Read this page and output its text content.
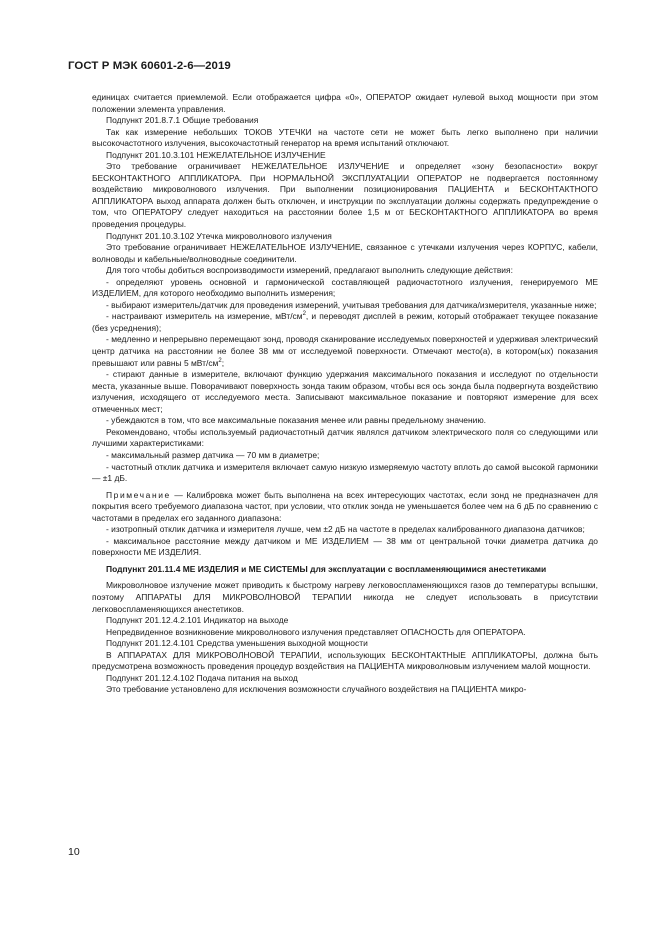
ГОСТ Р МЭК 60601-2-6—2019

единицах считается приемлемой. Если отображается цифра «0», ОПЕРАТОР ожидает нулевой выход мощности при этом положении элемента управления.

Подпункт 201.8.7.1 Общие требования

Так как измерение небольших ТОКОВ УТЕЧКИ на частоте сети не может быть легко выполнено при наличии высокочастотного излучения, высокочастотный генератор на время испытаний отключают.

Подпункт 201.10.3.101 НЕЖЕЛАТЕЛЬНОЕ ИЗЛУЧЕНИЕ

Это требование ограничивает НЕЖЕЛАТЕЛЬНОЕ ИЗЛУЧЕНИЕ и определяет «зону безопасности» вокруг БЕСКОНТАКТНОГО АППЛИКАТОРА. При НОРМАЛЬНОЙ ЭКСПЛУАТАЦИИ ОПЕРАТОР не подвергается постоянному воздействию микроволнового излучения. При выполнении позиционирования ПАЦИЕНТА и БЕСКОНТАКТНОГО АППЛИКАТОРА выход аппарата должен быть отключен, и инструкции по эксплуатации должны содержать предупреждение о том, что ОПЕРАТОРУ следует находиться на расстоянии более 1,5 м от БЕСКОНТАКТНОГО АППЛИКАТОРА во время проведения процедуры.

Подпункт 201.10.3.102 Утечка микроволнового излучения

Это требование ограничивает НЕЖЕЛАТЕЛЬНОЕ ИЗЛУЧЕНИЕ, связанное с утечками излучения через КОРПУС, кабели, волноводы и кабельные/волноводные соединители.

Для того чтобы добиться воспроизводимости измерений, предлагают выполнить следующие действия:

- определяют уровень основной и гармонической составляющей радиочастотного излучения, генерируемого МЕ ИЗДЕЛИЕМ, для которого необходимо выполнить измерения;

- выбирают измеритель/датчик для проведения измерений, учитывая требования для датчика/измерителя, указанные ниже;

- настраивают измеритель на измерение, мВт/$см^2$, и переводят дисплей в режим, который отображает текущее показание (без усреднения);

- медленно и непрерывно перемещают зонд, проводя сканирование исследуемых поверхностей и удерживая электрический центр датчика на расстоянии не более 38 мм от исследуемой поверхности. Отмечают место(а), в котором(ых) показания превышают или равны 5 мВт/$см^2$;

- стирают данные в измерителе, включают функцию удержания максимального показания и исследуют по отдельности места, указанные выше. Поворачивают поверхность зонда таким образом, чтобы вся ось зонда была подвергнута воздействию излучения, исходящего от исследуемого места. Записывают максимальное показание и повторяют измерение для всех отмеченных мест;

- убеждаются в том, что все максимальные показания менее или равны предельному значению.

Рекомендовано, чтобы используемый радиочастотный датчик являлся датчиком электрического поля со следующими или лучшими характеристиками:

- максимальный размер датчика — 70 мм в диаметре;

- частотный отклик датчика и измерителя включает самую низкую измеряемую частоту вплоть до самой высокой гармоники — ±1 дБ.

Примечание — Калибровка может быть выполнена на всех интересующих частотах, если зонд не предназначен для покрытия всего требуемого диапазона частот, при условии, что отклик зонда не уменьшается более чем на 6 дБ по сравнению с частотами в пределах его заданного диапазона:

- изотропный отклик датчика и измерителя лучше, чем ±2 дБ на частоте в пределах калиброванного диапазона датчиков;

- максимальное расстояние между датчиком и МЕ ИЗДЕЛИЕМ — 38 мм от центральной точки диаметра датчика до поверхности МЕ ИЗДЕЛИЯ.

Подпункт 201.11.4 МЕ ИЗДЕЛИЯ и МЕ СИСТЕМЫ для эксплуатации с воспламеняющимися анестетиками

Микроволновое излучение может приводить к быстрому нагреву легковоспламеняющихся газов до температуры вспышки, поэтому АППАРАТЫ ДЛЯ МИКРОВОЛНОВОЙ ТЕРАПИИ никогда не следует использовать в присутствии легковоспламеняющихся анестетиков.

Подпункт 201.12.4.2.101 Индикатор на выходе

Непредвиденное возникновение микроволнового излучения представляет ОПАСНОСТЬ для ОПЕРАТОРА.

Подпункт 201.12.4.101 Средства уменьшения выходной мощности

В АППАРАТАХ ДЛЯ МИКРОВОЛНОВОЙ ТЕРАПИИ, использующих БЕСКОНТАКТНЫЕ АППЛИКАТОРЫ, должна быть предусмотрена возможность проведения процедур воздействия на ПАЦИЕНТА микроволновым излучением малой мощности.

Подпункт 201.12.4.102 Подача питания на выход

Это требование установлено для исключения возможности случайного воздействия на ПАЦИЕНТА микро-

10
